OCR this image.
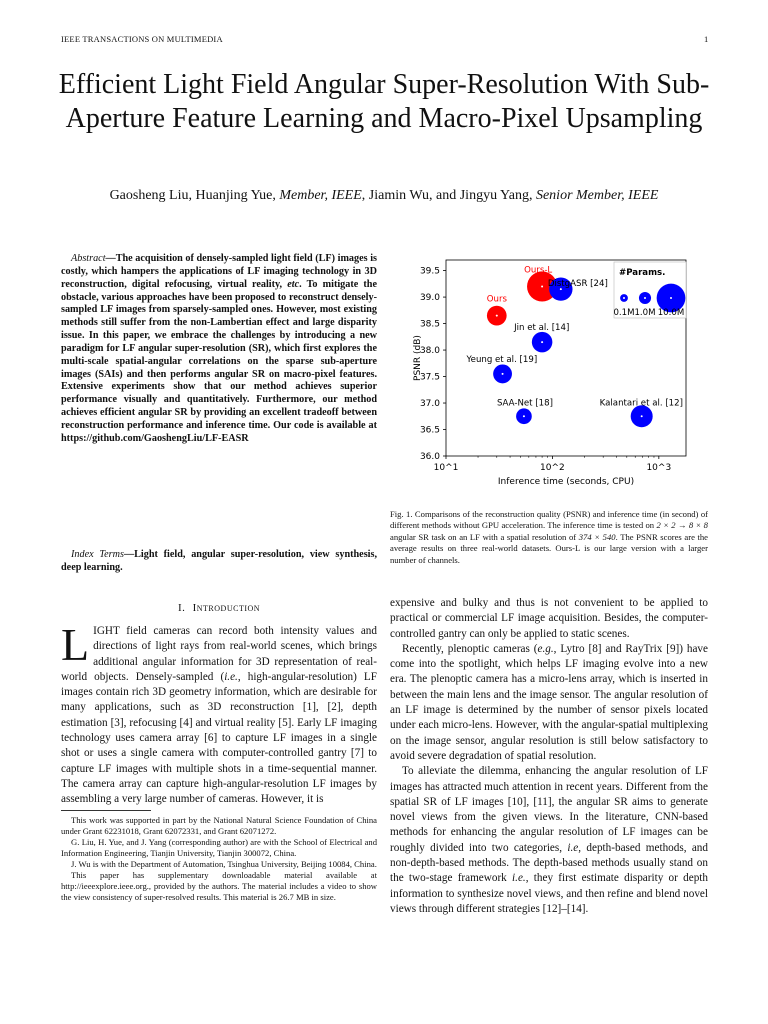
IEEE TRANSACTIONS ON MULTIMEDIA	1
Efficient Light Field Angular Super-Resolution With Sub-Aperture Feature Learning and Macro-Pixel Upsampling
Gaosheng Liu, Huanjing Yue, Member, IEEE, Jiamin Wu, and Jingyu Yang, Senior Member, IEEE
Abstract—The acquisition of densely-sampled light field (LF) images is costly, which hampers the applications of LF imaging technology in 3D reconstruction, digital refocusing, virtual reality, etc. To mitigate the obstacle, various approaches have been proposed to reconstruct densely-sampled LF images from sparsely-sampled ones. However, most existing methods still suffer from the non-Lambertian effect and large disparity issue. In this paper, we embrace the challenges by introducing a new paradigm for LF angular super-resolution (SR), which first explores the multi-scale spatial-angular correlations on the sparse sub-aperture images (SAIs) and then performs angular SR on macro-pixel features. Extensive experiments show that our method achieves superior performance visually and quantitatively. Furthermore, our method achieves efficient angular SR by providing an excellent tradeoff between reconstruction performance and inference time. Our code is available at https://github.com/GaoshengLiu/LF-EASR
Index Terms—Light field, angular super-resolution, view synthesis, deep learning.
I. Introduction
LIGHT field cameras can record both intensity values and directions of light rays from real-world scenes, which brings additional angular information for 3D representation of real-world objects. Densely-sampled (i.e., high-angular-resolution) LF images contain rich 3D geometry information, which are desirable for many applications, such as 3D reconstruction [1], [2], depth estimation [3], refocusing [4] and virtual reality [5]. Early LF imaging technology uses camera array [6] to capture LF images in a single shot or uses a single camera with computer-controlled gantry [7] to capture LF images with multiple shots in a time-sequential manner. The camera array can capture high-angular-resolution LF images by assembling a very large number of cameras. However, it is

This work was supported in part by the National Natural Science Foundation of China under Grant 62231018, Grant 62072331, and Grant 62071272.

G. Liu, H. Yue, and J. Yang (corresponding author) are with the School of Electrical and Information Engineering, Tianjin University, Tianjin 300072, China.

J. Wu is with the Department of Automation, Tsinghua University, Beijing 10084, China.

This paper has supplementary downloadable material available at http://ieeexplore.ieee.org., provided by the authors. The material includes a video to show the view consistency of super-resolved results. This material is 26.7 MB in size.

36.0
36.5
37.0
37.5
38.0
38.5
39.0
39.5
10^1	10^2	10^3
Inference time (seconds, CPU)
PSNR (dB)
Ours-L
DistgASR [24]
Ours
Jin et al. [14]
Yeung et al. [19]
SAA-Net [18]	Kalantari et al. [12]
#Params.
0.1M 1.0M 10.0M
Fig. 1. Comparisons of the reconstruction quality (PSNR) and inference time (in second) of different methods without GPU acceleration. The inference time is tested on 2 × 2 → 8 × 8 angular SR task on an LF with a spatial resolution of 374 × 540. The PSNR scores are the average results on three real-world datasets. Ours-L is our large version with a larger number of channels.

expensive and bulky and thus is not convenient to be applied to practical or commercial LF image acquisition. Besides, the computer-controlled gantry can only be applied to static scenes.

Recently, plenoptic cameras (e.g., Lytro [8] and RayTrix [9]) have come into the spotlight, which helps LF imaging evolve into a new era. The plenoptic camera has a micro-lens array, which is inserted in between the main lens and the image sensor. The angular resolution of an LF image is determined by the number of sensor pixels located under each micro-lens. However, with the angular-spatial multiplexing on the image sensor, angular resolution is still below satisfactory to avoid severe degradation of spatial resolution.

To alleviate the dilemma, enhancing the angular resolution of LF images has attracted much attention in recent years. Different from the spatial SR of LF images [10], [11], the angular SR aims to generate novel views from the given views. In the literature, CNN-based methods for enhancing the angular resolution of LF images can be roughly divided into two categories, i.e, depth-based methods, and non-depth-based methods. The depth-based methods usually stand on the two-stage framework i.e., they first estimate disparity or depth information to synthesize novel views, and then refine and blend novel views through different strategies [12]–[14].
